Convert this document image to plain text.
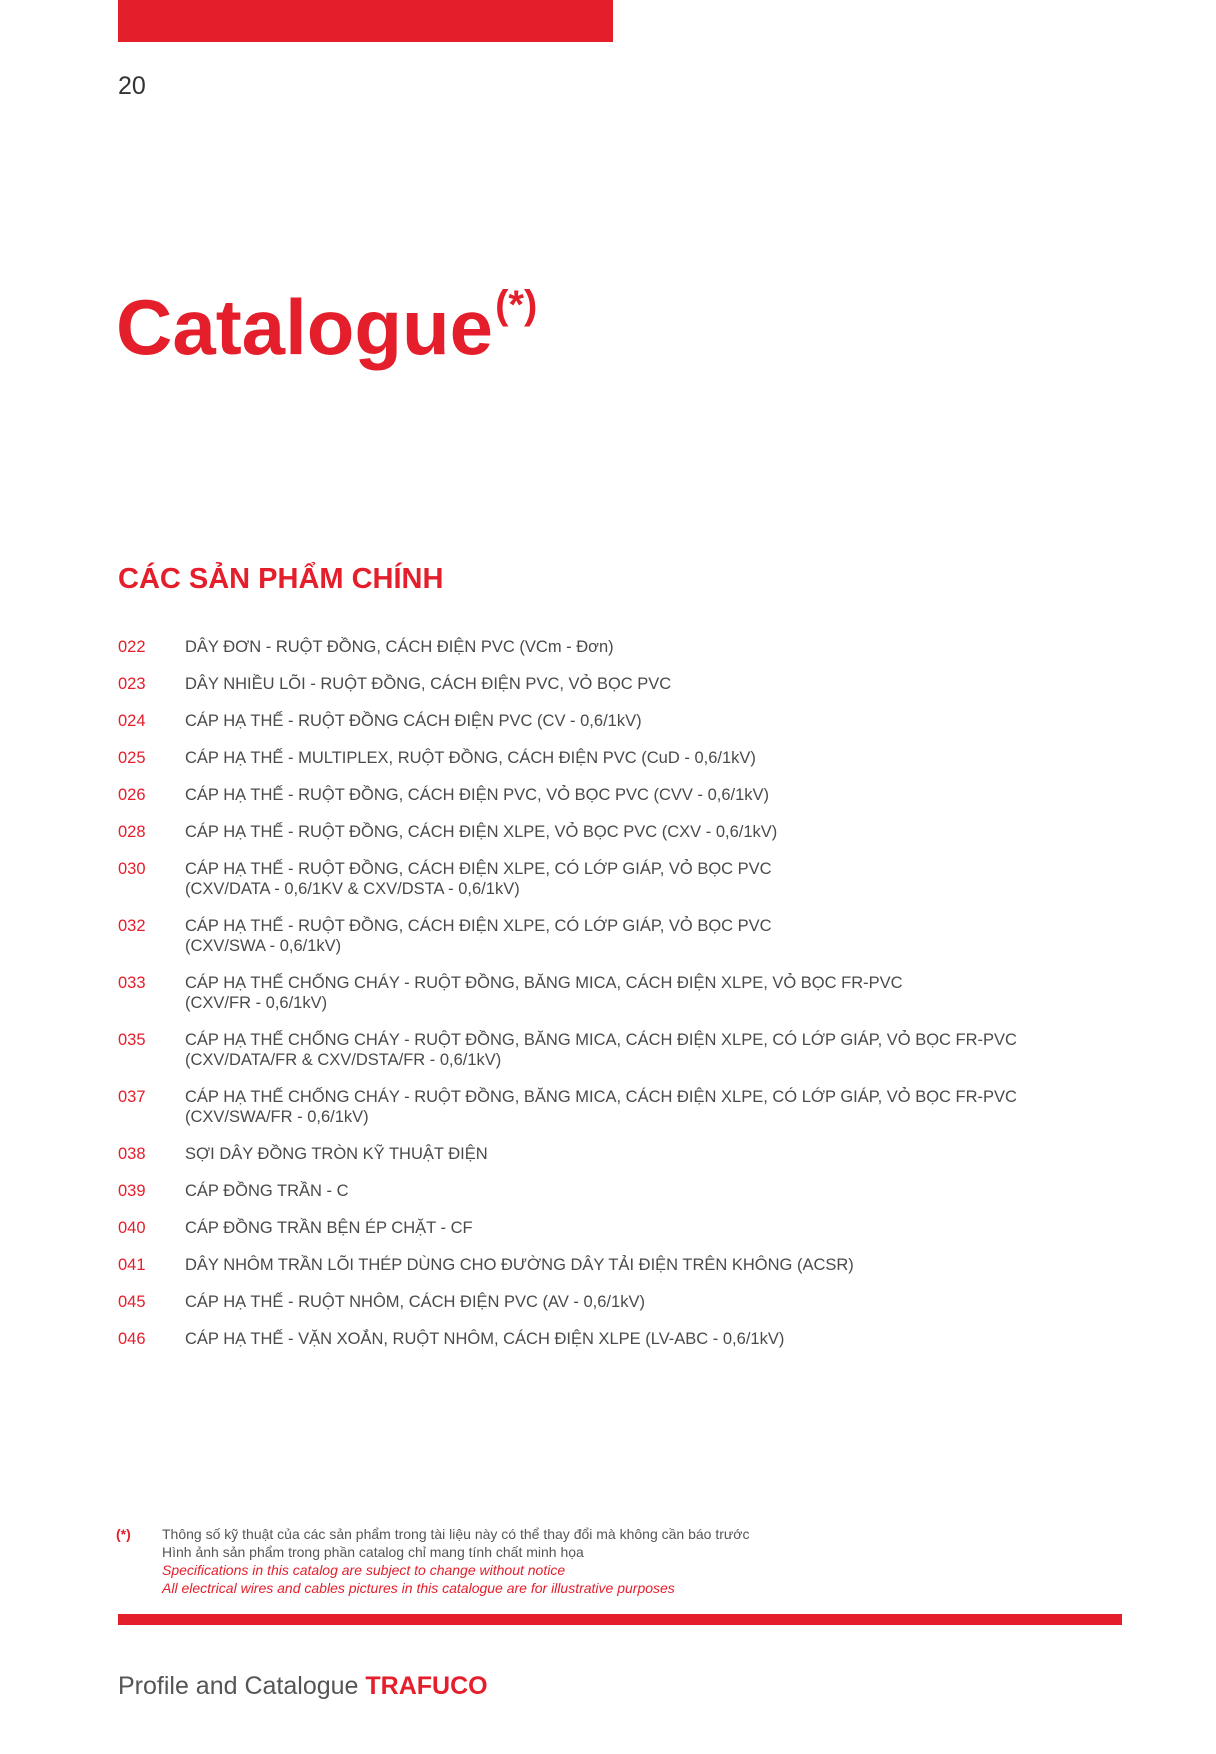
20
Catalogue(*)
CÁC SẢN PHẨM CHÍNH
022	DÂY ĐƠN - RUỘT ĐỒNG, CÁCH ĐIỆN PVC (VCm - Đơn)
023	DÂY NHIỀU LÕI - RUỘT ĐỒNG, CÁCH ĐIỆN PVC, VỎ BỌC PVC
024	CÁP HẠ THẾ - RUỘT ĐỒNG CÁCH ĐIỆN PVC (CV - 0,6/1kV)
025	CÁP HẠ THẾ - MULTIPLEX, RUỘT ĐỒNG, CÁCH ĐIỆN PVC (CuD - 0,6/1kV)
026	CÁP HẠ THẾ - RUỘT ĐỒNG, CÁCH ĐIỆN PVC, VỎ BỌC PVC (CVV - 0,6/1kV)
028	CÁP HẠ THẾ - RUỘT ĐỒNG, CÁCH ĐIỆN XLPE, VỎ BỌC PVC (CXV - 0,6/1kV)
030	CÁP HẠ THẾ - RUỘT ĐỒNG, CÁCH ĐIỆN XLPE, CÓ LỚP GIÁP, VỎ BỌC PVC
(CXV/DATA - 0,6/1KV & CXV/DSTA - 0,6/1kV)
032	CÁP HẠ THẾ - RUỘT ĐỒNG, CÁCH ĐIỆN XLPE, CÓ LỚP GIÁP, VỎ BỌC PVC
(CXV/SWA - 0,6/1kV)
033	CÁP HẠ THẾ CHỐNG CHÁY - RUỘT ĐỒNG, BĂNG MICA, CÁCH ĐIỆN XLPE, VỎ BỌC FR-PVC
(CXV/FR - 0,6/1kV)
035	CÁP HẠ THẾ CHỐNG CHÁY - RUỘT ĐỒNG, BĂNG MICA, CÁCH ĐIỆN XLPE, CÓ LỚP GIÁP, VỎ BỌC FR-PVC
(CXV/DATA/FR & CXV/DSTA/FR - 0,6/1kV)
037	CÁP HẠ THẾ CHỐNG CHÁY - RUỘT ĐỒNG, BĂNG MICA, CÁCH ĐIỆN XLPE, CÓ LỚP GIÁP, VỎ BỌC FR-PVC
(CXV/SWA/FR - 0,6/1kV)
038	SỢI DÂY ĐỒNG TRÒN KỸ THUẬT ĐIỆN
039	CÁP ĐỒNG TRẦN - C
040	CÁP ĐỒNG TRẦN BỆN ÉP CHẶT - CF
041	DÂY NHÔM TRẦN LÕI THÉP DÙNG CHO ĐƯỜNG DÂY TẢI ĐIỆN TRÊN KHÔNG (ACSR)
045	CÁP HẠ THẾ - RUỘT NHÔM, CÁCH ĐIỆN PVC (AV - 0,6/1kV)
046	CÁP HẠ THẾ - VẶN XOẮN, RUỘT NHÔM, CÁCH ĐIỆN XLPE (LV-ABC - 0,6/1kV)
(*)	Thông số kỹ thuật của các sản phẩm trong tài liệu này có thể thay đổi mà không cần báo trước
Hình ảnh sản phẩm trong phần catalog chỉ mang tính chất minh họa
Specifications in this catalog are subject to change without notice
All electrical wires and cables pictures in this catalogue are for illustrative purposes
Profile and Catalogue TRAFUCO
